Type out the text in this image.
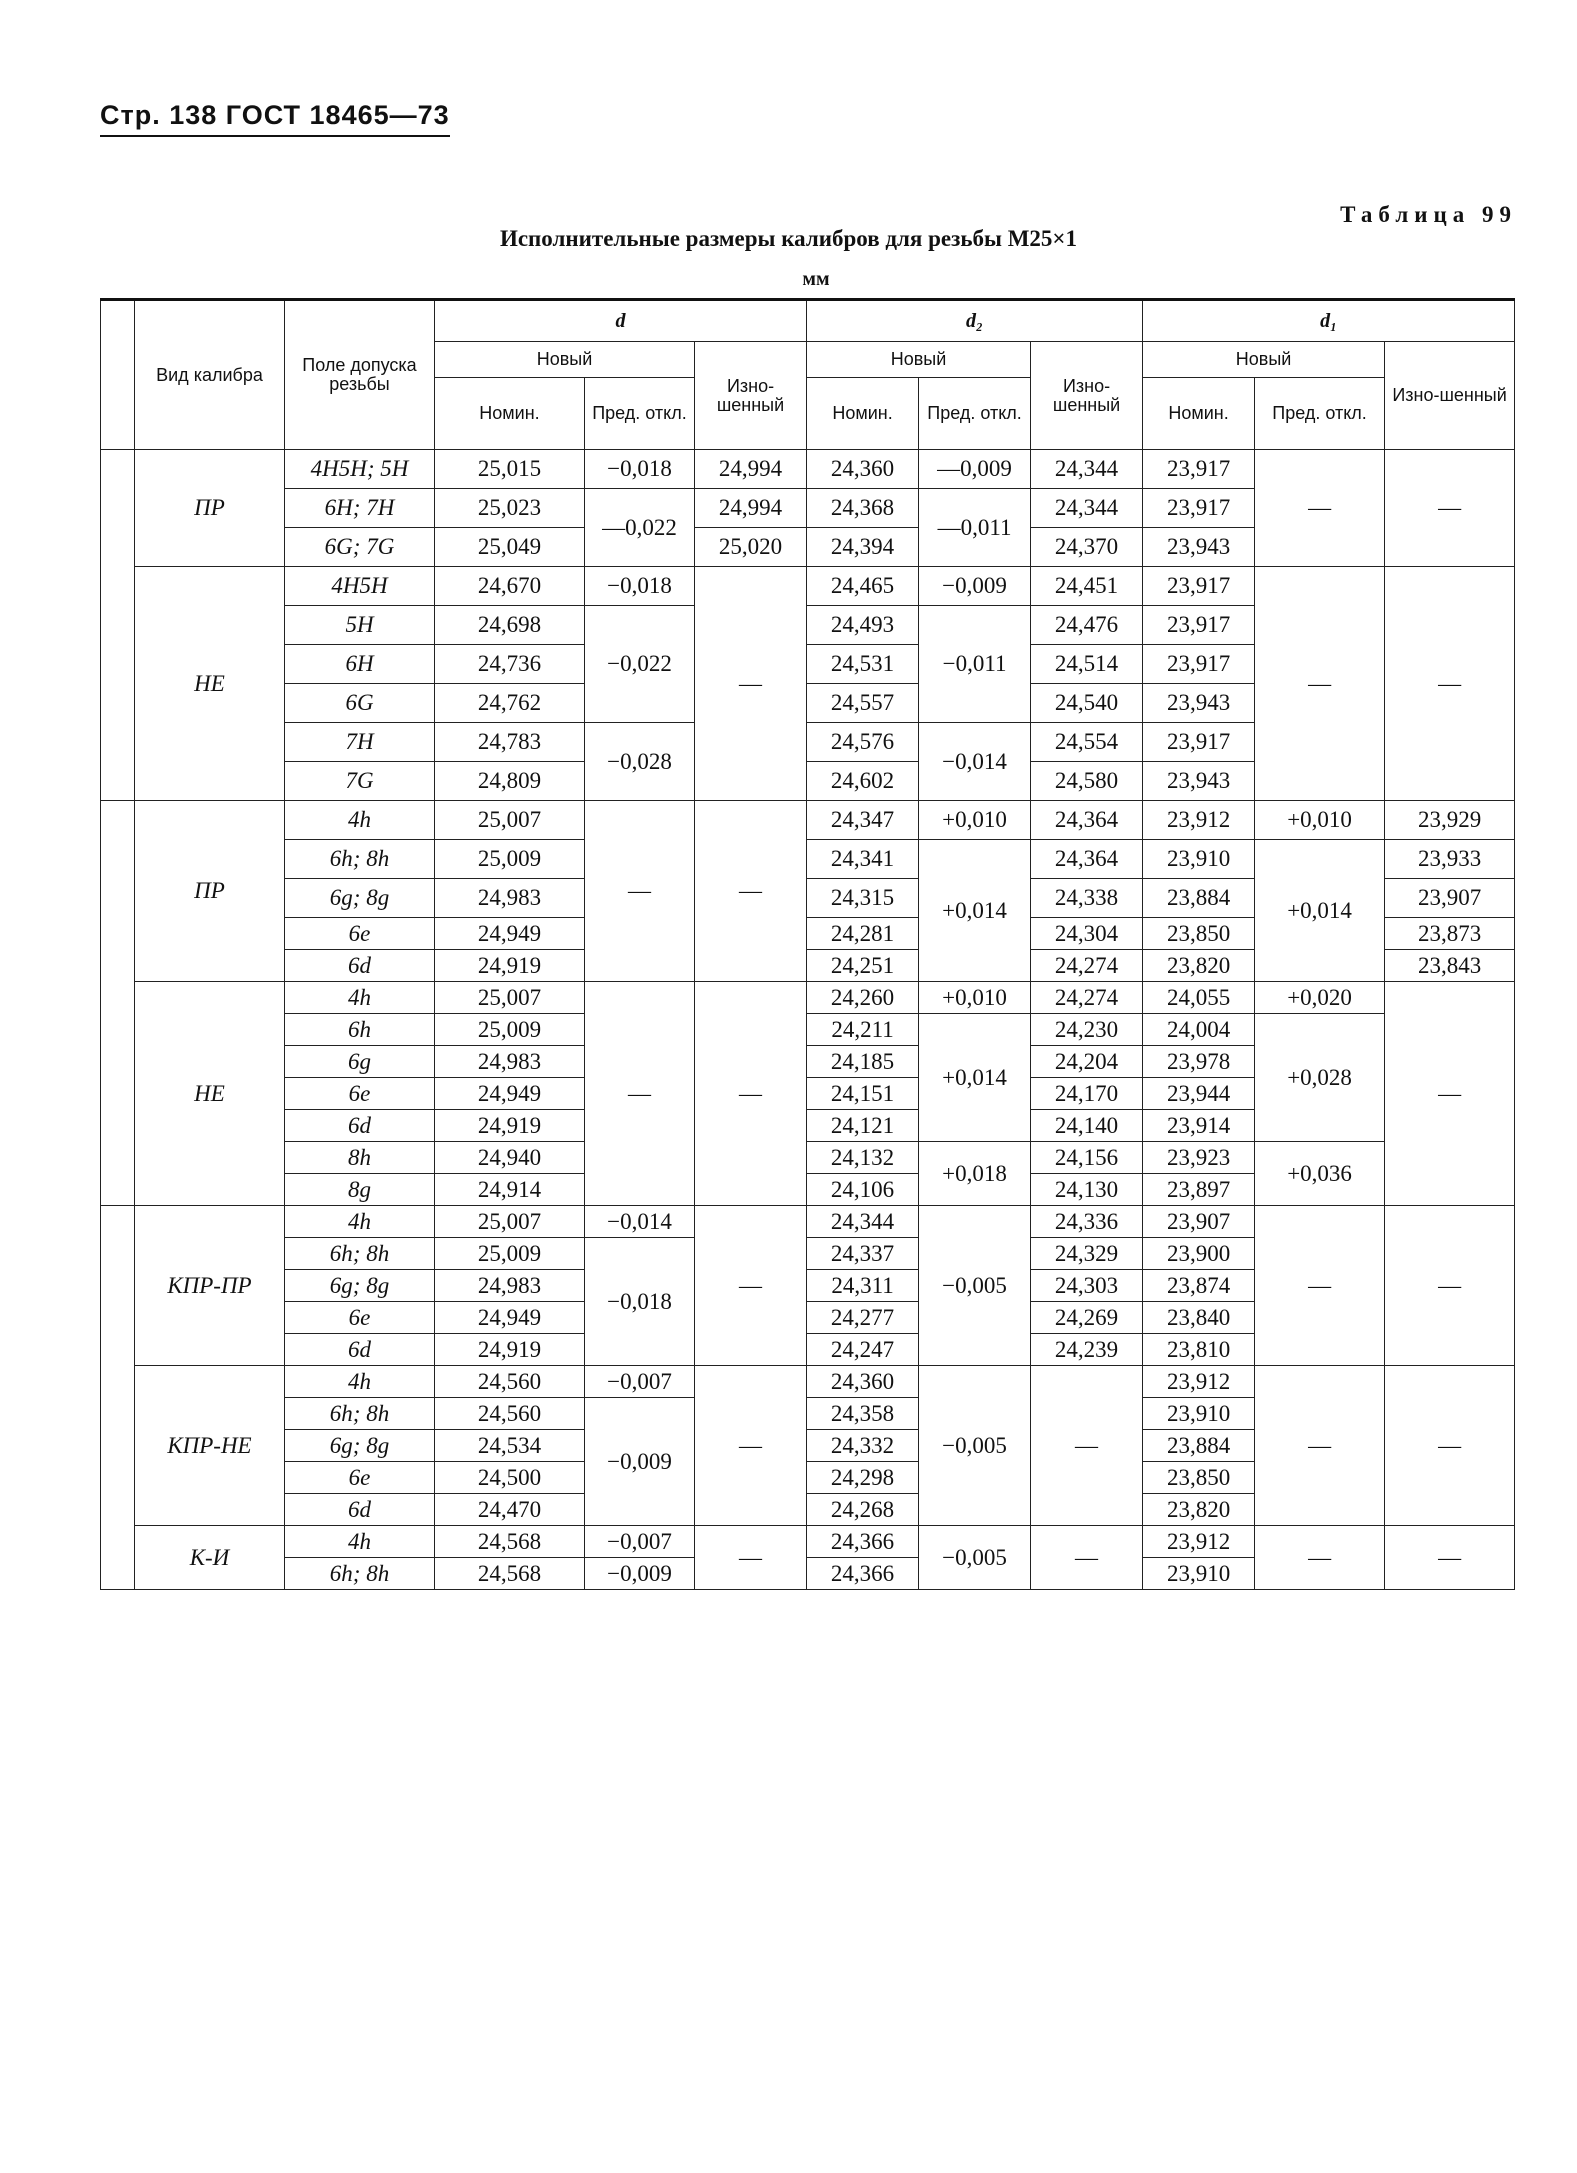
Стр. 138 ГОСТ 18465—73
Таблица 99
Исполнительные размеры калибров для резьбы М25×1
мм
	Вид калибра	Поле допуска резьбы	d			d₂			d₁		
			Новый		Изно-шенный	Новый		Изно-шенный	Новый		Изно-шенный
			Номин.	Пред. откл.		Номин.	Пред. откл.		Номин.	Пред. откл.	
	ПР	4H5H; 5H	25,015	−0,018	24,994	24,360	—0,009	24,344	23,917	—	—
		6H; 7H	25,023	—0,022	24,994	24,368	—0,011	24,344	23,917		
		6G; 7G	25,049		25,020	24,394		24,370	23,943		
	НЕ	4H5H	24,670	−0,018	—	24,465	−0,009	24,451	23,917	—	—
		5H	24,698	−0,022		24,493	−0,011	24,476	23,917		
		6H	24,736			24,531		24,514	23,917		
		6G	24,762			24,557		24,540	23,943		
		7H	24,783	−0,028		24,576	−0,014	24,554	23,917		
		7G	24,809			24,602		24,580	23,943		
	ПР	4h	25,007	—	—	24,347	+0,010	24,364	23,912	+0,010	23,929
		6h; 8h	25,009			24,341	+0,014	24,364	23,910	+0,014	23,933
		6g; 8g	24,983			24,315		24,338	23,884		23,907
		6e	24,949			24,281		24,304	23,850		23,873
		6d	24,919			24,251		24,274	23,820		23,843
	НЕ	4h	25,007	—	—	24,260	+0,010	24,274	24,055	+0,020	—
		6h	25,009			24,211	+0,014	24,230	24,004	+0,028	
		6g	24,983			24,185		24,204	23,978		
		6e	24,949			24,151		24,170	23,944		
		6d	24,919			24,121		24,140	23,914		
		8h	24,940			24,132	+0,018	24,156	23,923	+0,036	
		8g	24,914			24,106		24,130	23,897		
	КПР-ПР	4h	25,007	−0,014	—	24,344	−0,005	24,336	23,907	—	—
		6h; 8h	25,009	−0,018		24,337		24,329	23,900		
		6g; 8g	24,983			24,311		24,303	23,874		
		6e	24,949			24,277		24,269	23,840		
		6d	24,919			24,247		24,239	23,810		
	КПР-НЕ	4h	24,560	−0,007	—	24,360	−0,005	—	23,912	—	—
		6h; 8h	24,560	−0,009		24,358			23,910		
		6g; 8g	24,534			24,332			23,884		
		6e	24,500			24,298			23,850		
		6d	24,470			24,268			23,820		
	К-И	4h	24,568	−0,007	—	24,366	−0,005	—	23,912	—	—
		6h; 8h	24,568	−0,009		24,366			23,910		
